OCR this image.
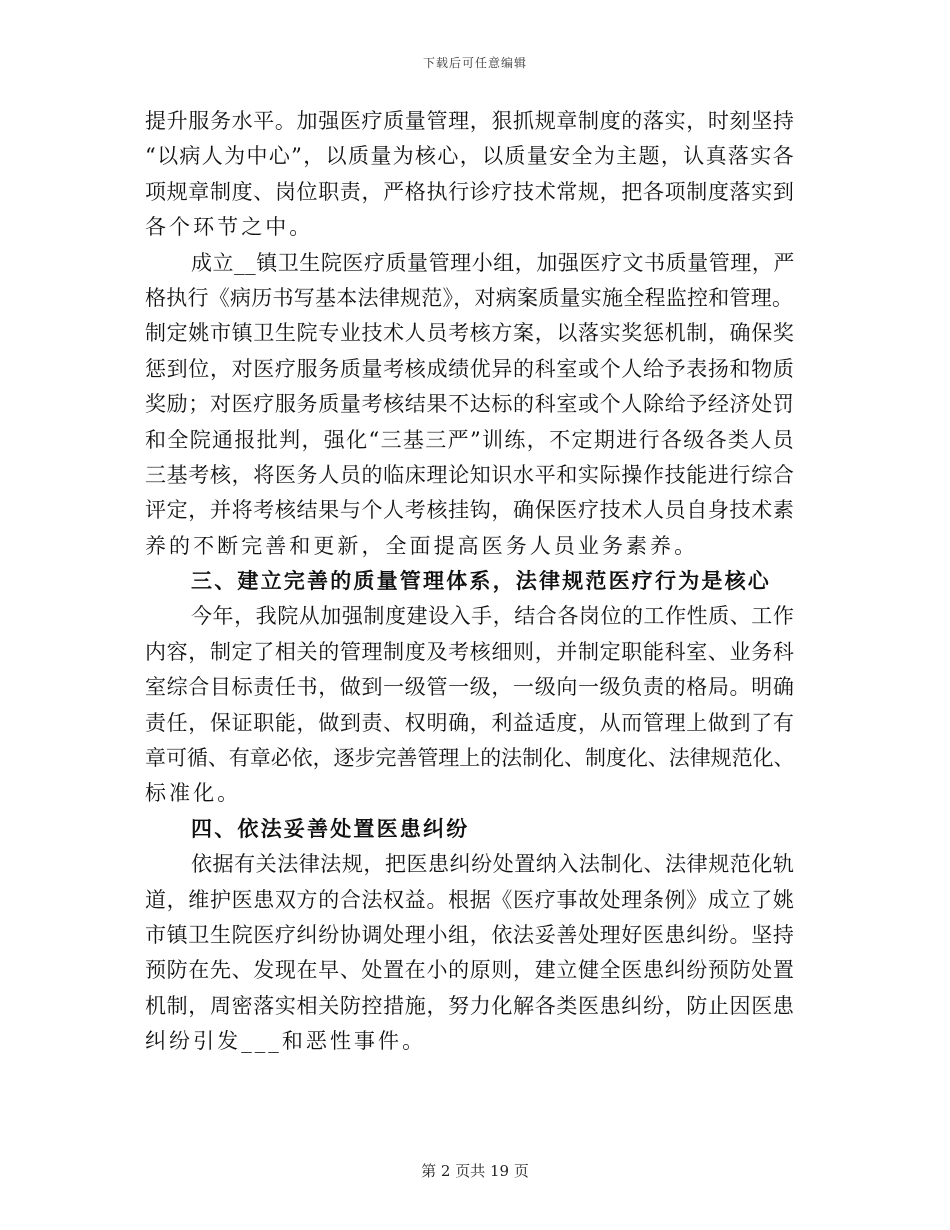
下载后可任意编辑
提升服务水平。加强医疗质量管理，狠抓规章制度的落实，时刻坚持
“以病人为中心”，以质量为核心，以质量安全为主题，认真落实各
项规章制度、岗位职责，严格执行诊疗技术常规，把各项制度落实到
各个环节之中。
成立__镇卫生院医疗质量管理小组，加强医疗文书质量管理，严
格执行《病历书写基本法律规范》，对病案质量实施全程监控和管理。
制定姚市镇卫生院专业技术人员考核方案，以落实奖惩机制，确保奖
惩到位，对医疗服务质量考核成绩优异的科室或个人给予表扬和物质
奖励；对医疗服务质量考核结果不达标的科室或个人除给予经济处罚
和全院通报批判，强化“三基三严”训练，不定期进行各级各类人员
三基考核，将医务人员的临床理论知识水平和实际操作技能进行综合
评定，并将考核结果与个人考核挂钩，确保医疗技术人员自身技术素
养的不断完善和更新，全面提高医务人员业务素养。
三、建立完善的质量管理体系，法律规范医疗行为是核心
今年，我院从加强制度建设入手，结合各岗位的工作性质、工作
内容，制定了相关的管理制度及考核细则，并制定职能科室、业务科
室综合目标责任书，做到一级管一级，一级向一级负责的格局。明确
责任，保证职能，做到责、权明确，利益适度，从而管理上做到了有
章可循、有章必依，逐步完善管理上的法制化、制度化、法律规范化、
标准化。
四、依法妥善处置医患纠纷
依据有关法律法规，把医患纠纷处置纳入法制化、法律规范化轨
道，维护医患双方的合法权益。根据《医疗事故处理条例》成立了姚
市镇卫生院医疗纠纷协调处理小组，依法妥善处理好医患纠纷。坚持
预防在先、发现在早、处置在小的原则，建立健全医患纠纷预防处置
机制，周密落实相关防控措施，努力化解各类医患纠纷，防止因医患
纠纷引发___和恶性事件。
第 2 页共 19 页
